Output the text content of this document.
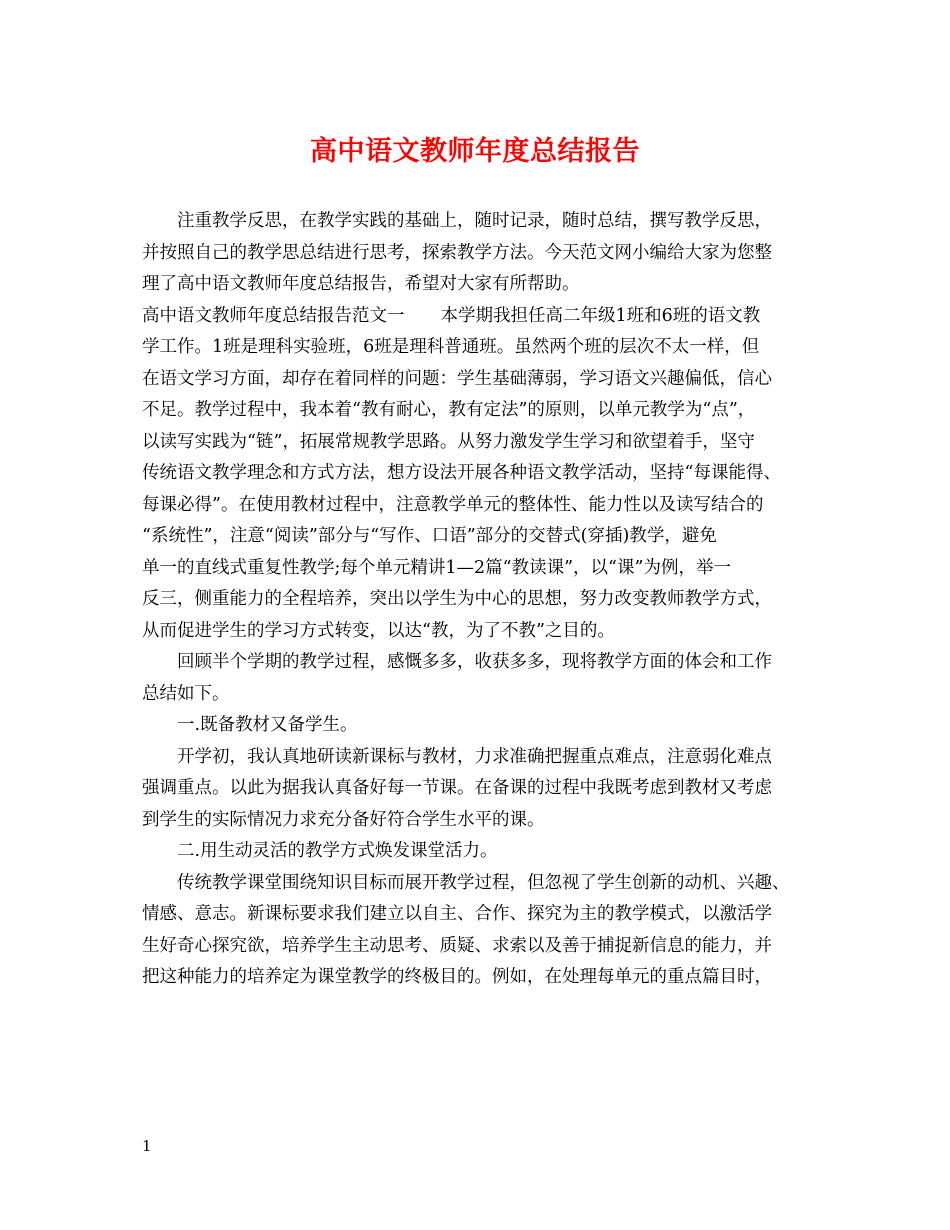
高中语文教师年度总结报告
注重教学反思，在教学实践的基础上，随时记录，随时总结，撰写教学反思，
并按照自己的教学思总结进行思考，探索教学方法。今天范文网小编给大家为您整
理了高中语文教师年度总结报告，希望对大家有所帮助。
高中语文教师年度总结报告范文一 本学期我担任高二年级1班和6班的语文教
学工作。1班是理科实验班，6班是理科普通班。虽然两个班的层次不太一样，但
在语文学习方面，却存在着同样的问题：学生基础薄弱，学习语文兴趣偏低，信心
不足。教学过程中，我本着“教有耐心，教有定法”的原则，以单元教学为“点”，
以读写实践为“链”，拓展常规教学思路。从努力激发学生学习和欲望着手，坚守
传统语文教学理念和方式方法，想方设法开展各种语文教学活动，坚持“每课能得、
每课必得”。在使用教材过程中，注意教学单元的整体性、能力性以及读写结合的
“系统性”，注意“阅读”部分与“写作、口语”部分的交替式(穿插)教学，避免
单一的直线式重复性教学;每个单元精讲1—2篇“教读课”，以“课”为例，举一
反三，侧重能力的全程培养，突出以学生为中心的思想，努力改变教师教学方式，
从而促进学生的学习方式转变，以达“教，为了不教”之目的。
回顾半个学期的教学过程，感慨多多，收获多多，现将教学方面的体会和工作
总结如下。
一.既备教材又备学生。
开学初，我认真地研读新课标与教材，力求准确把握重点难点，注意弱化难点
强调重点。以此为据我认真备好每一节课。在备课的过程中我既考虑到教材又考虑
到学生的实际情况力求充分备好符合学生水平的课。
二.用生动灵活的教学方式焕发课堂活力。
传统教学课堂围绕知识目标而展开教学过程，但忽视了学生创新的动机、兴趣、
情感、意志。新课标要求我们建立以自主、合作、探究为主的教学模式，以激活学
生好奇心探究欲，培养学生主动思考、质疑、求索以及善于捕捉新信息的能力，并
把这种能力的培养定为课堂教学的终极目的。例如，在处理每单元的重点篇目时，
1
